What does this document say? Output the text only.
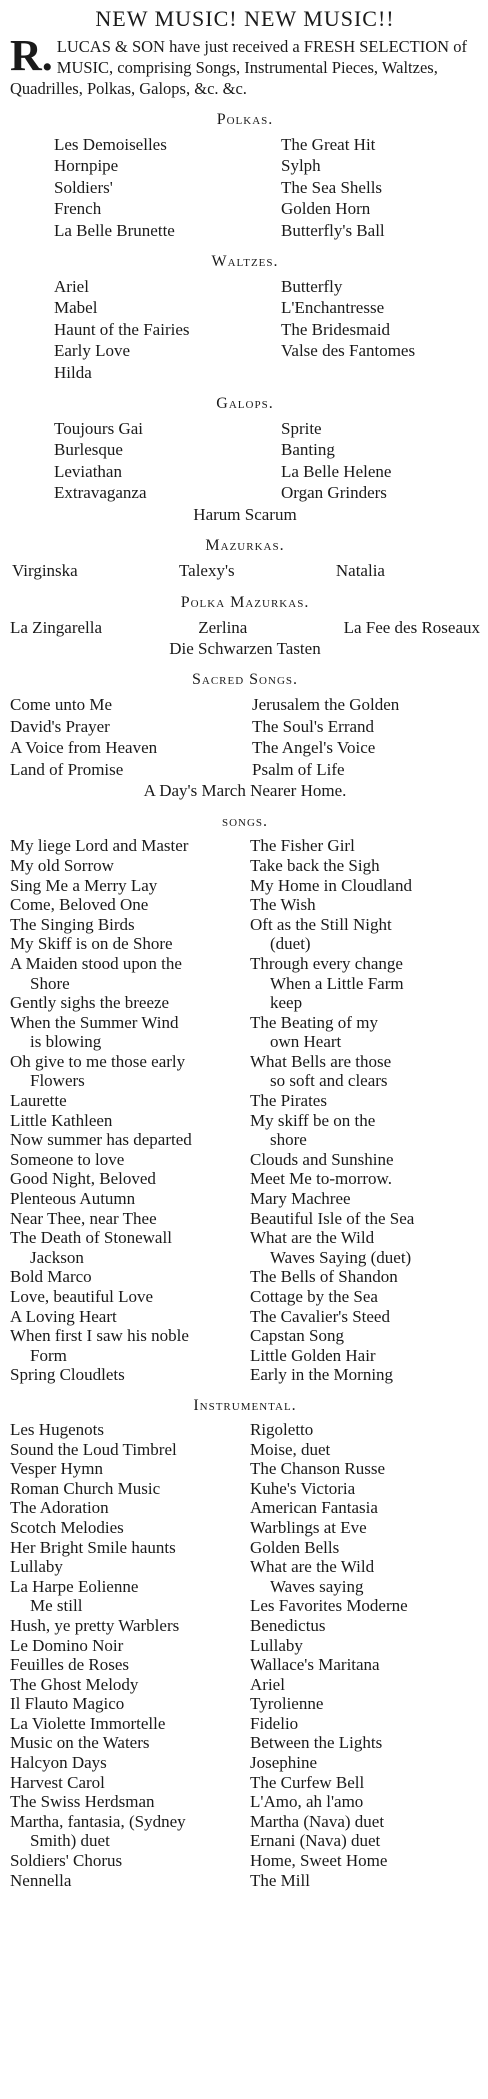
NEW MUSIC! NEW MUSIC!!
R. LUCAS & SON have just received a FRESH SELECTION of MUSIC, comprising Songs, Instrumental Pieces, Waltzes, Quadrilles, Polkas, Galops, &c. &c.
Polkas.
Les Demoiselles	The Great Hit
Hornpipe	Sylph
Soldiers'	The Sea Shells
French	Golden Horn
La Belle Brunette	Butterfly's Ball
Waltzes.
Ariel	Butterfly
Mabel	L'Enchantresse
Haunt of the Fairies	The Bridesmaid
Early Love	Valse des Fantomes
Hilda
Galops.
Toujours Gai	Sprite
Burlesque	Banting
Leviathan	La Belle Helene
Extravaganza	Organ Grinders
Harum Scarum
Mazurkas.
Virginska	Talexy's	Natalia
Polka Mazurkas.
La Zingarella	Zerlina	La Fee des Roseaux
Die Schwarzen Tasten
Sacred Songs.
Come unto Me	Jerusalem the Golden
David's Prayer	The Soul's Errand
A Voice from Heaven	The Angel's Voice
Land of Promise	Psalm of Life
A Day's March Nearer Home.
songs.
My liege Lord and Master	The Fisher Girl
My old Sorrow	Take back the Sigh
Sing Me a Merry Lay	My Home in Cloudland
Come, Beloved One	The Wish
The Singing Birds	Oft as the Still Night
My Skiff is on de Shore	(duet)
A Maiden stood upon the	Through every change
Shore	When a Little Farm
Gently sighs the breeze	keep
When the Summer Wind	The Beating of my
is blowing	own Heart
Oh give to me those early	What Bells are those
Flowers	so soft and clears
Laurette	The Pirates
Little Kathleen	My skiff be on the
Now summer has departed	shore
Someone to love	Clouds and Sunshine
Good Night, Beloved	Meet Me to-morrow.
Plenteous Autumn	Mary Machree
Near Thee, near Thee	Beautiful Isle of the Sea
The Death of Stonewall	What are the Wild
Jackson	Waves Saying (duet)
Bold Marco	The Bells of Shandon
Love, beautiful Love	Cottage by the Sea
A Loving Heart	The Cavalier's Steed
When first I saw his noble	Capstan Song
Form	Little Golden Hair
Spring Cloudlets	Early in the Morning
Instrumental.
Les Hugenots	Rigoletto
Sound the Loud Timbrel	Moise, duet
Vesper Hymn	The Chanson Russe
Roman Church Music	Kuhe's Victoria
The Adoration	American Fantasia
Scotch Melodies	Warblings at Eve
Her Bright Smile haunts	Golden Bells
Lullaby	What are the Wild
La Harpe Eolienne	Waves saying
Me still	Les Favorites Moderne
Hush, ye pretty Warblers	Benedictus
Le Domino Noir	Lullaby
Feuilles de Roses	Wallace's Maritana
The Ghost Melody	Ariel
Il Flauto Magico	Tyrolienne
La Violette Immortelle	Fidelio
Music on the Waters	Between the Lights
Halcyon Days	Josephine
Harvest Carol	The Curfew Bell
The Swiss Herdsman	L'Amo, ah l'amo
Martha, fantasia, (Sydney	Martha (Nava) duet
Smith) duet	Ernani (Nava) duet
Soldiers' Chorus	Home, Sweet Home
Nennella	The Mill
